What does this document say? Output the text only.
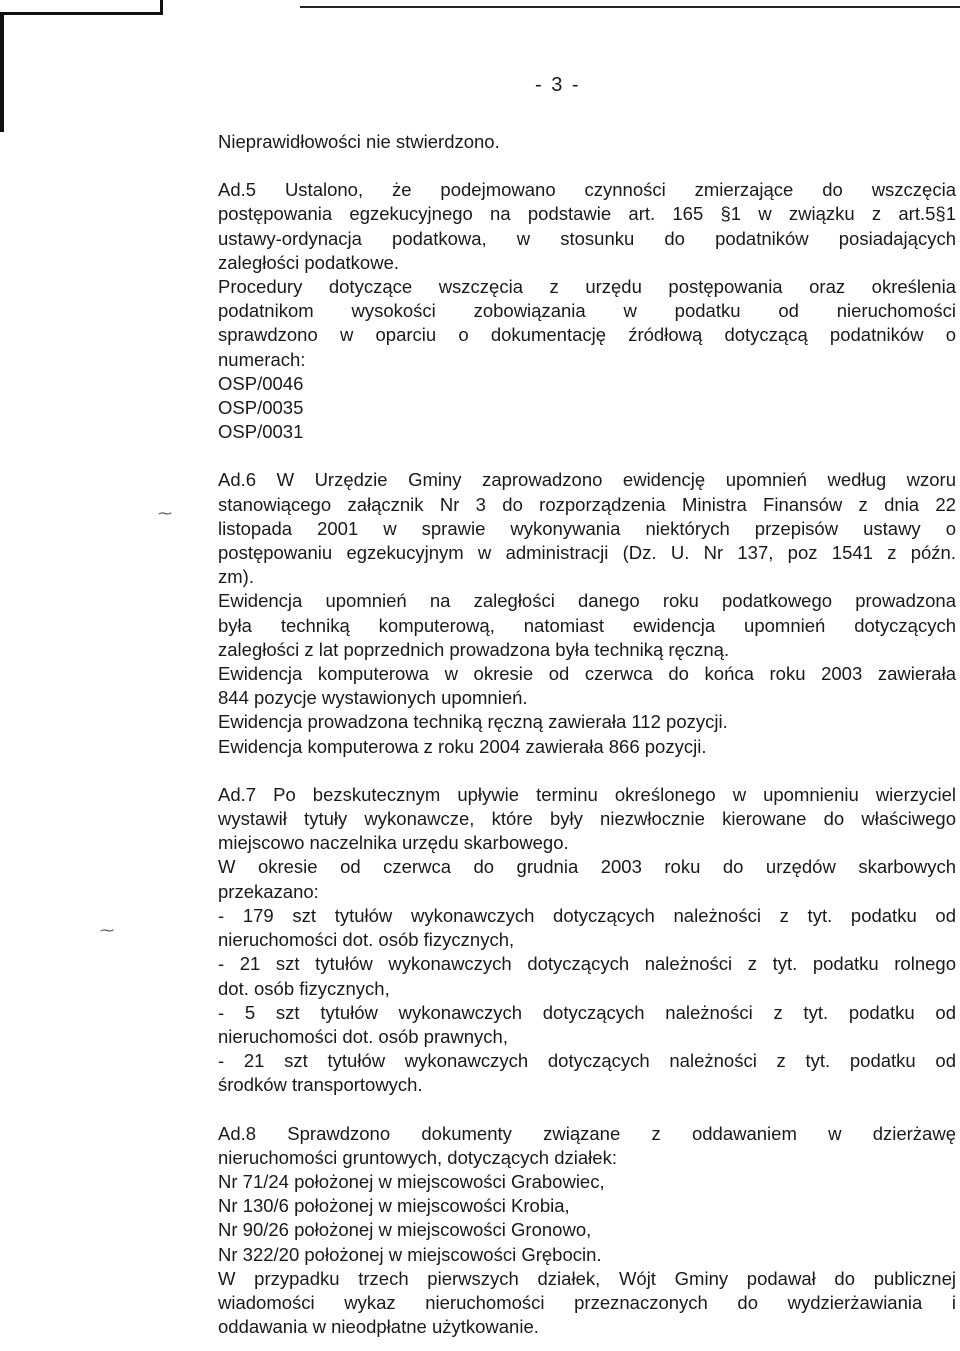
- 3 -
⁓
⁓

Nieprawidłowości nie stwierdzono.

Ad.5 Ustalono, że podejmowano czynności zmierzające do wszczęcia
postępowania egzekucyjnego na podstawie art. 165 §1 w związku z art.5§1
ustawy-ordynacja podatkowa, w stosunku do podatników posiadających
zaległości podatkowe.
Procedury dotyczące wszczęcia z urzędu postępowania oraz określenia
podatnikom wysokości zobowiązania w podatku od nieruchomości
sprawdzono w oparciu o dokumentację źródłową dotyczącą podatników o
numerach:
OSP/0046
OSP/0035
OSP/0031
Ad.6 W Urzędzie Gminy zaprowadzono ewidencję upomnień według wzoru
stanowiącego załącznik Nr 3 do rozporządzenia Ministra Finansów z dnia 22
listopada 2001 w sprawie wykonywania niektórych przepisów ustawy o
postępowaniu egzekucyjnym w administracji (Dz. U. Nr 137, poz 1541 z późn.
zm).
Ewidencja upomnień na zaległości danego roku podatkowego prowadzona
była techniką komputerową, natomiast ewidencja upomnień dotyczących
zaległości z lat poprzednich prowadzona była techniką ręczną.
Ewidencja komputerowa w okresie od czerwca do końca roku 2003 zawierała
844 pozycje wystawionych upomnień.
Ewidencja prowadzona techniką ręczną zawierała 112 pozycji.
Ewidencja komputerowa z roku 2004 zawierała 866 pozycji.
Ad.7 Po bezskutecznym upływie terminu określonego w upomnieniu wierzyciel
wystawił tytuły wykonawcze, które były niezwłocznie kierowane do właściwego
miejscowo naczelnika urzędu skarbowego.
W okresie od czerwca do grudnia 2003 roku do urzędów skarbowych
przekazano:
- 179 szt tytułów wykonawczych dotyczących należności z tyt. podatku od
nieruchomości dot. osób fizycznych,
- 21 szt tytułów wykonawczych dotyczących należności z tyt. podatku rolnego
dot. osób fizycznych,
- 5 szt tytułów wykonawczych dotyczących należności z tyt. podatku od
nieruchomości dot. osób prawnych,
- 21 szt tytułów wykonawczych dotyczących należności z tyt. podatku od
środków transportowych.
Ad.8 Sprawdzono dokumenty związane z oddawaniem w dzierżawę
nieruchomości gruntowych, dotyczących działek:
Nr 71/24 położonej w miejscowości Grabowiec,
Nr 130/6 położonej w miejscowości Krobia,
Nr 90/26 położonej w miejscowości Gronowo,
Nr 322/20 położonej w miejscowości Grębocin.
W przypadku trzech pierwszych działek, Wójt Gminy podawał do publicznej
wiadomości wykaz nieruchomości przeznaczonych do wydzierżawiania i
oddawania w nieodpłatne użytkowanie.
